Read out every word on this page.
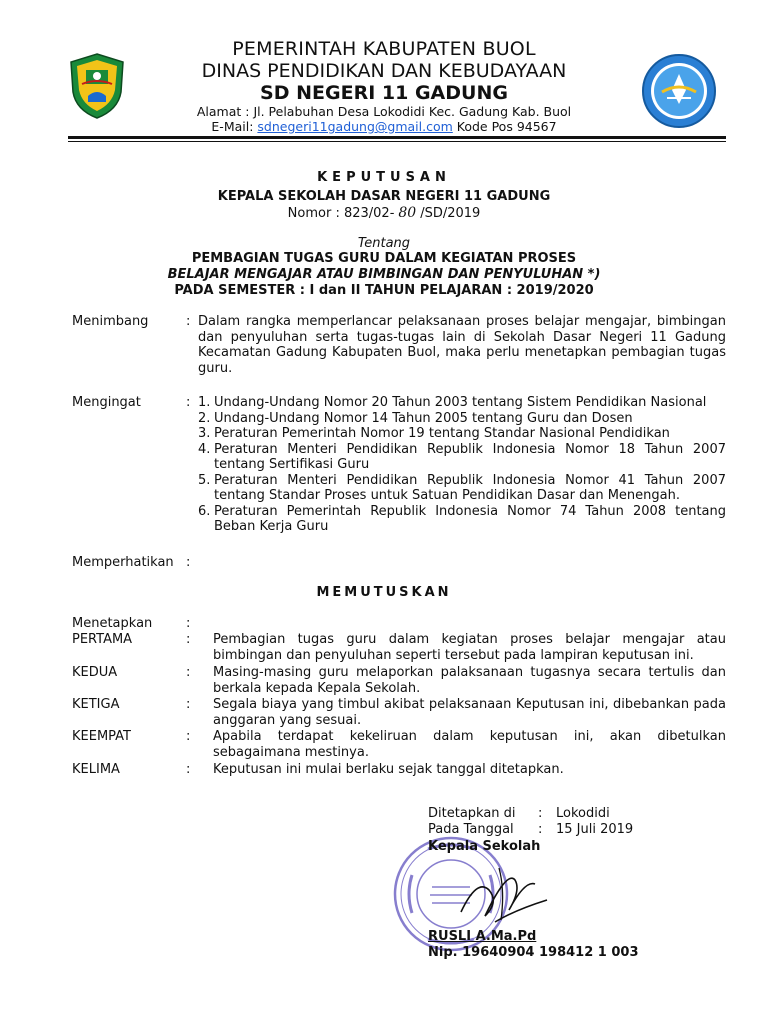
PEMERINTAH KABUPATEN BUOL
DINAS PENDIDIKAN DAN KEBUDAYAAN
SD NEGERI 11 GADUNG
Alamat : Jl. Pelabuhan Desa Lokodidi Kec. Gadung Kab. Buol
E-Mail: sdnegeri11gadung@gmail.com Kode Pos 94567
KEPUTUSAN
KEPALA SEKOLAH DASAR NEGERI 11 GADUNG
Nomor : 823/02- 80 /SD/2019
Tentang
PEMBAGIAN TUGAS GURU DALAM KEGIATAN PROSES
BELAJAR MENGAJAR ATAU BIMBINGAN DAN PENYULUHAN *)
PADA SEMESTER : I dan II TAHUN PELAJARAN : 2019/2020
Menimbang	: Dalam rangka memperlancar pelaksanaan proses belajar mengajar, bimbingan dan penyuluhan serta tugas-tugas lain di Sekolah Dasar Negeri 11 Gadung Kecamatan Gadung Kabupaten Buol, maka perlu menetapkan pembagian tugas guru.
Mengingat	: 1. Undang-Undang Nomor 20 Tahun 2003 tentang Sistem Pendidikan Nasional
2. Undang-Undang Nomor 14 Tahun 2005 tentang Guru dan Dosen
3. Peraturan Pemerintah Nomor 19 tentang Standar Nasional Pendidikan
4. Peraturan Menteri Pendidikan Republik Indonesia Nomor 18 Tahun 2007 tentang Sertifikasi Guru
5. Peraturan Menteri Pendidikan Republik Indonesia Nomor 41 Tahun 2007 tentang Standar Proses untuk Satuan Pendidikan Dasar dan Menengah.
6. Peraturan Pemerintah Republik Indonesia Nomor 74 Tahun 2008 tentang Beban Kerja Guru
Memperhatikan :
MEMUTUSKAN
Menetapkan	:
PERTAMA	: Pembagian tugas guru dalam kegiatan proses belajar mengajar atau bimbingan dan penyuluhan seperti tersebut pada lampiran keputusan ini.
KEDUA	: Masing-masing guru melaporkan palaksanaan tugasnya secara tertulis dan berkala kepada Kepala Sekolah.
KETIGA	: Segala biaya yang timbul akibat pelaksanaan Keputusan ini, dibebankan pada anggaran yang sesuai.
KEEMPAT	: Apabila terdapat kekeliruan dalam keputusan ini, akan dibetulkan sebagaimana mestinya.
KELIMA	: Keputusan ini mulai berlaku sejak tanggal ditetapkan.
Ditetapkan di : Lokodidi
Pada Tanggal : 15 Juli 2019
Kepala Sekolah
RUSLI A.Ma.Pd
Nip. 19640904 198412 1 003
